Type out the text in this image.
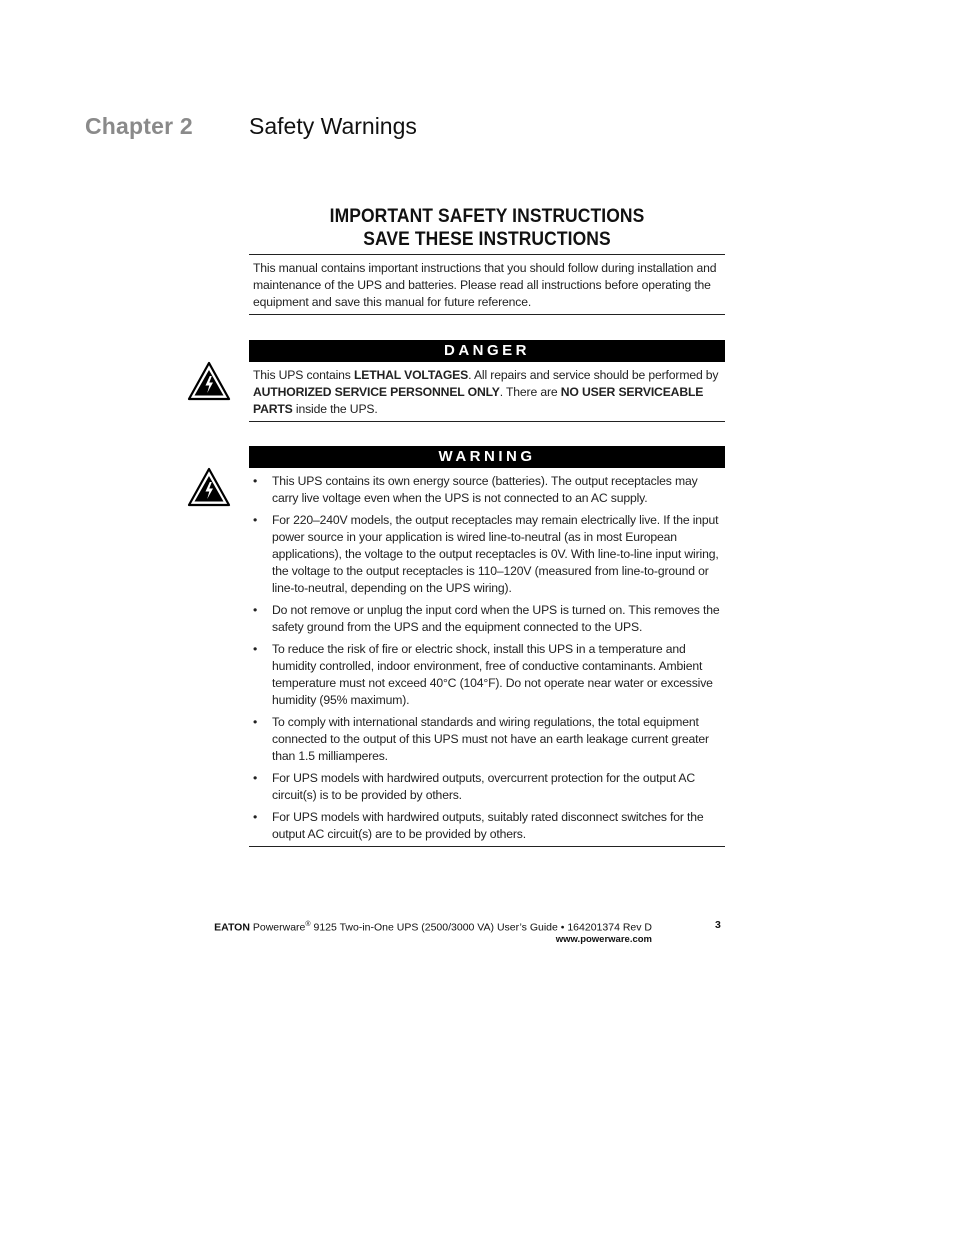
Chapter 2 Safety Warnings
IMPORTANT SAFETY INSTRUCTIONS
SAVE THESE INSTRUCTIONS
This manual contains important instructions that you should follow during installation and maintenance of the UPS and batteries. Please read all instructions before operating the equipment and save this manual for future reference.
DANGER
This UPS contains LETHAL VOLTAGES. All repairs and service should be performed by AUTHORIZED SERVICE PERSONNEL ONLY. There are NO USER SERVICEABLE PARTS inside the UPS.
WARNING
• This UPS contains its own energy source (batteries). The output receptacles may carry live voltage even when the UPS is not connected to an AC supply.
• For 220–240V models, the output receptacles may remain electrically live. If the input power source in your application is wired line-to-neutral (as in most European applications), the voltage to the output receptacles is 0V. With line-to-line input wiring, the voltage to the output receptacles is 110–120V (measured from line-to-ground or line-to-neutral, depending on the UPS wiring).
• Do not remove or unplug the input cord when the UPS is turned on. This removes the safety ground from the UPS and the equipment connected to the UPS.
• To reduce the risk of fire or electric shock, install this UPS in a temperature and humidity controlled, indoor environment, free of conductive contaminants. Ambient temperature must not exceed 40°C (104°F). Do not operate near water or excessive humidity (95% maximum).
• To comply with international standards and wiring regulations, the total equipment connected to the output of this UPS must not have an earth leakage current greater than 1.5 milliamperes.
• For UPS models with hardwired outputs, overcurrent protection for the output AC circuit(s) is to be provided by others.
• For UPS models with hardwired outputs, suitably rated disconnect switches for the output AC circuit(s) are to be provided by others.
EATON Powerware® 9125 Two-in-One UPS (2500/3000 VA) User’s Guide • 164201374 Rev D
www.powerware.com
3
